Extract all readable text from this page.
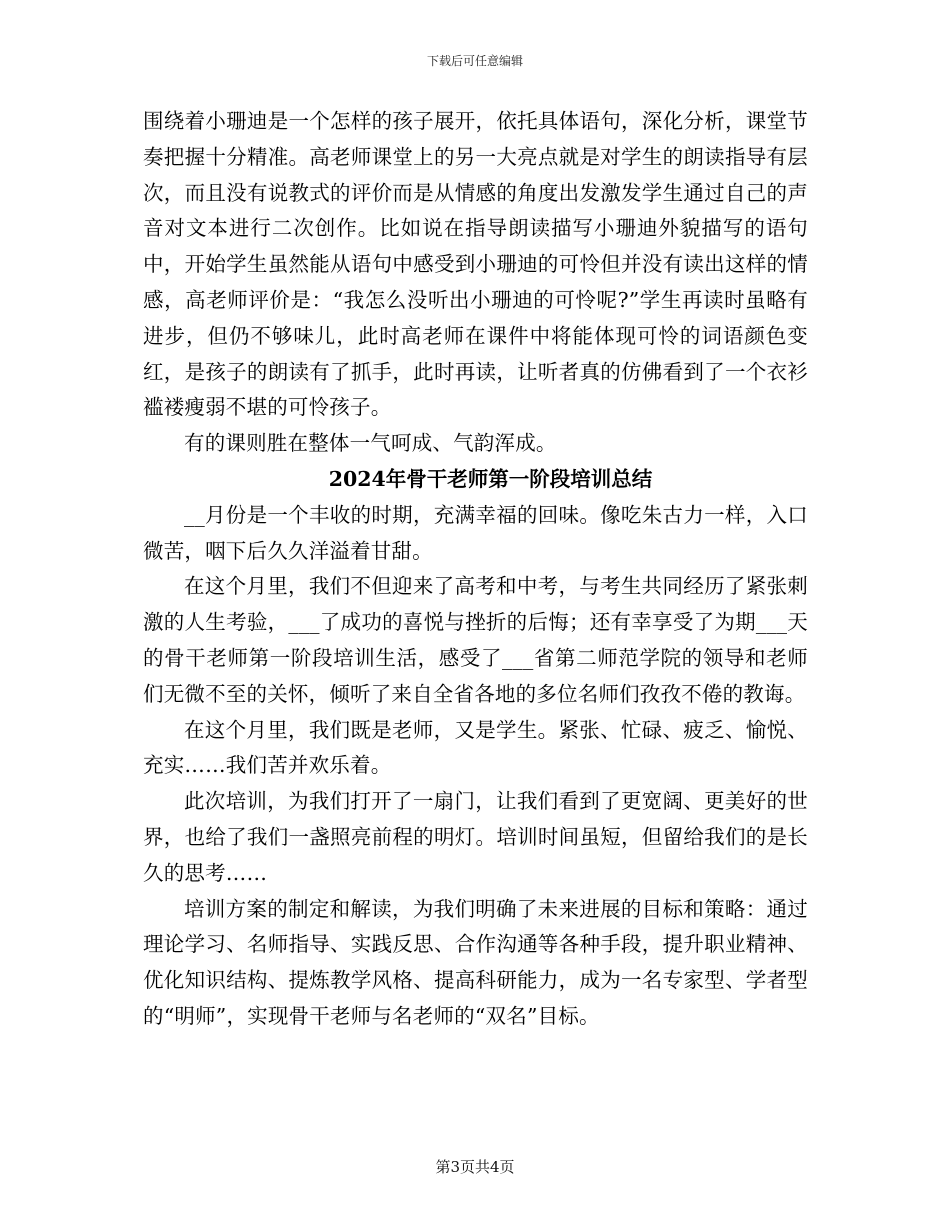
下载后可任意编辑

围绕着小珊迪是一个怎样的孩子展开，依托具体语句，深化分析，课堂节奏把握十分精准。高老师课堂上的另一大亮点就是对学生的朗读指导有层次，而且没有说教式的评价而是从情感的角度出发激发学生通过自己的声音对文本进行二次创作。比如说在指导朗读描写小珊迪外貌描写的语句中，开始学生虽然能从语句中感受到小珊迪的可怜但并没有读出这样的情感，高老师评价是：“我怎么没听出小珊迪的可怜呢?”学生再读时虽略有进步，但仍不够味儿，此时高老师在课件中将能体现可怜的词语颜色变红，是孩子的朗读有了抓手，此时再读，让听者真的仿佛看到了一个衣衫褴褛瘦弱不堪的可怜孩子。

有的课则胜在整体一气呵成、气韵浑成。

2024年骨干老师第一阶段培训总结

__月份是一个丰收的时期，充满幸福的回味。像吃朱古力一样，入口微苦，咽下后久久洋溢着甘甜。

在这个月里，我们不但迎来了高考和中考，与考生共同经历了紧张刺激的人生考验，___了成功的喜悦与挫折的后悔；还有幸享受了为期___天的骨干老师第一阶段培训生活，感受了___省第二师范学院的领导和老师们无微不至的关怀，倾听了来自全省各地的多位名师们孜孜不倦的教诲。

在这个月里，我们既是老师，又是学生。紧张、忙碌、疲乏、愉悦、充实……我们苦并欢乐着。

此次培训，为我们打开了一扇门，让我们看到了更宽阔、更美好的世界，也给了我们一盏照亮前程的明灯。培训时间虽短，但留给我们的是长久的思考……

培训方案的制定和解读，为我们明确了未来进展的目标和策略：通过理论学习、名师指导、实践反思、合作沟通等各种手段，提升职业精神、优化知识结构、提炼教学风格、提高科研能力，成为一名专家型、学者型的“明师”，实现骨干老师与名老师的“双名”目标。

第3页共4页
